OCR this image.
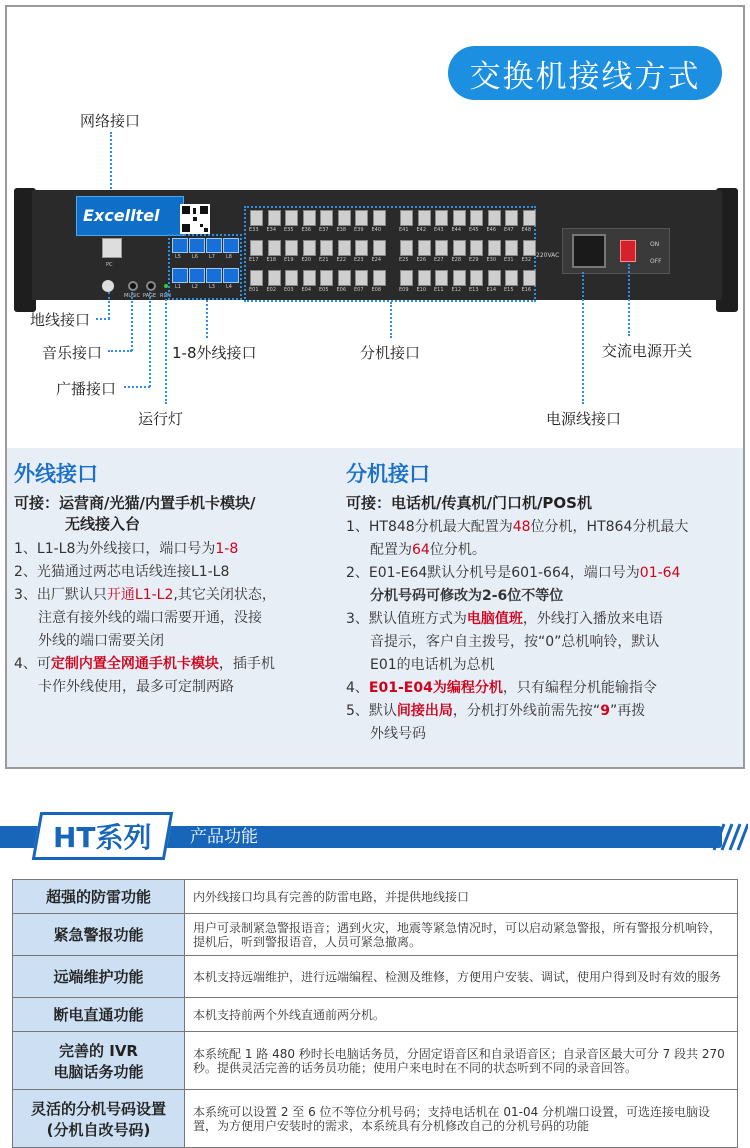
交换机接线方式
网络接口
Excelltel
PC
MUSIC PAGE RUN
L5 L6 L7 L8
L1 L2 L3 L4
E33 E34 E35 E36 E37 E38 E39 E40	E41 E42 E43 E44 E45 E46 E47 E48
E17 E18 E19 E20 E21 E22 E23 E24	E25 E26 E27 E28 E29 E30 E31 E32
E01 E02 E03 E04 E05 E06 E07 E08	E09 E10 E11 E12 E13 E14 E15 E16
220VAC
ON
OFF
地线接口
音乐接口
广播接口
运行灯
1-8外线接口	分机接口	交流电源开关
电源线接口
外线接口
可接：运营商/光猫/内置手机卡模块/
无线接入台
1、L1-L8为外线接口，端口号为1-8
2、光猫通过两芯电话线连接L1-L8
3、出厂默认只开通L1-L2,其它关闭状态，
注意有接外线的端口需要开通，没接
外线的端口需要关闭
4、可定制内置全网通手机卡模块，插手机
卡作外线使用，最多可定制两路
分机接口
可接：电话机/传真机/门口机/POS机
1、HT848分机最大配置为48位分机，HT864分机最大
配置为64位分机。
2、E01-E64默认分机号是601-664，端口号为01-64
分机号码可修改为2-6位不等位
3、默认值班方式为电脑值班，外线打入播放来电语
音提示，客户自主拨号，按“0”总机响铃，默认
E01的电话机为总机
4、E01-E04为编程分机，只有编程分机能输指令
5、默认间接出局，分机打外线前需先按“9”再拨
外线号码
HT系列 产品功能
超强的防雷功能	内外线接口均具有完善的防雷电路，并提供地线接口
紧急警报功能	用户可录制紧急警报语音；遇到火灾，地震等紧急情况时，可以启动紧急警报，所有警报分机响铃，提机后，听到警报语音，人员可紧急撤离。
远端维护功能	本机支持远端维护，进行远端编程、检测及维修，方便用户安装、调试，使用户得到及时有效的服务
断电直通功能	本机支持前两个外线直通前两分机。

完善的 IVR
电脑话务功能	本系统配 1 路 480 秒时长电脑话务员，分固定语音区和自录语音区；自录音区最大可分 7 段共 270 秒。提供灵活完善的话务员功能；使用户来电时在不同的状态听到不同的录音回答。

灵活的分机号码设置
(分机自改号码)	本系统可以设置 2 至 6 位不等位分机号码；支持电话机在 01-04 分机端口设置，可选连接电脑设置，为方便用户安装时的需求，本系统具有分机修改自己的分机号码的功能
